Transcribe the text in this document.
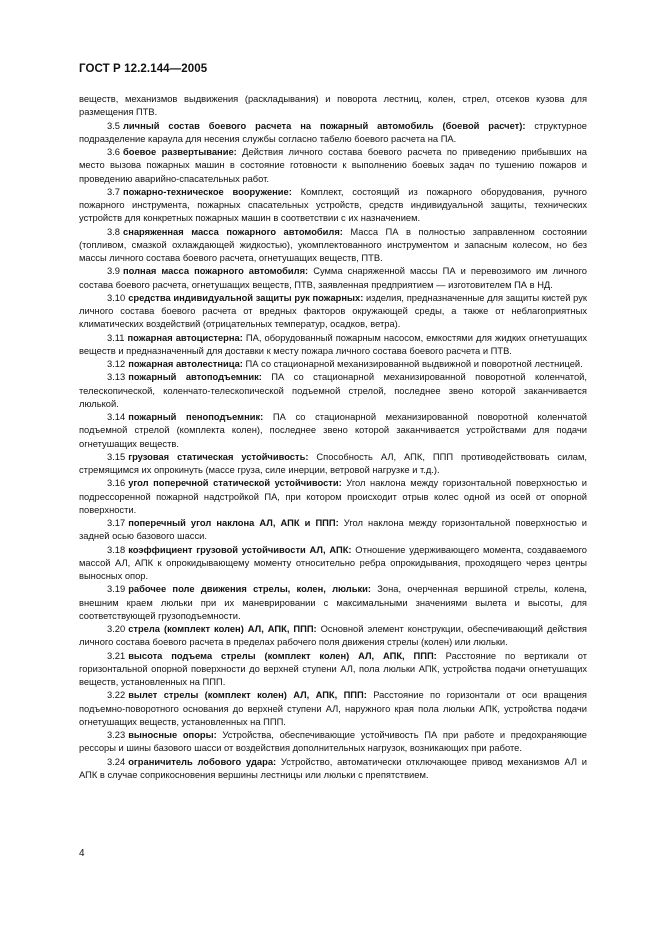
ГОСТ Р 12.2.144—2005

веществ, механизмов выдвижения (раскладывания) и поворота лестниц, колен, стрел, отсеков кузова для размещения ПТВ.

3.5 личный состав боевого расчета на пожарный автомобиль (боевой расчет): структурное подразделение караула для несения службы согласно табелю боевого расчета на ПА.

3.6 боевое развертывание: Действия личного состава боевого расчета по приведению прибывших на место вызова пожарных машин в состояние готовности к выполнению боевых задач по тушению пожаров и проведению аварийно-спасательных работ.

3.7 пожарно-техническое вооружение: Комплект, состоящий из пожарного оборудования, ручного пожарного инструмента, пожарных спасательных устройств, средств индивидуальной защиты, технических устройств для конкретных пожарных машин в соответствии с их назначением.

3.8 снаряженная масса пожарного автомобиля: Масса ПА в полностью заправленном состоянии (топливом, смазкой охлаждающей жидкостью), укомплектованного инструментом и запасным колесом, но без массы личного состава боевого расчета, огнетушащих веществ, ПТВ.

3.9 полная масса пожарного автомобиля: Сумма снаряженной массы ПА и перевозимого им личного состава боевого расчета, огнетушащих веществ, ПТВ, заявленная предприятием — изготовителем ПА в НД.

3.10 средства индивидуальной защиты рук пожарных: изделия, предназначенные для защиты кистей рук личного состава боевого расчета от вредных факторов окружающей среды, а также от неблагоприятных климатических воздействий (отрицательных температур, осадков, ветра).

3.11 пожарная автоцистерна: ПА, оборудованный пожарным насосом, емкостями для жидких огнетушащих веществ и предназначенный для доставки к месту пожара личного состава боевого расчета и ПТВ.

3.12 пожарная автолестница: ПА со стационарной механизированной выдвижной и поворотной лестницей.

3.13 пожарный автоподъемник: ПА со стационарной механизированной поворотной коленчатой, телескопической, коленчато-телескопической подъемной стрелой, последнее звено которой заканчивается люлькой.

3.14 пожарный пеноподъемник: ПА со стационарной механизированной поворотной коленчатой подъемной стрелой (комплекта колен), последнее звено которой заканчивается устройствами для подачи огнетушащих веществ.

3.15 грузовая статическая устойчивость: Способность АЛ, АПК, ППП противодействовать силам, стремящимся их опрокинуть (массе груза, силе инерции, ветровой нагрузке и т.д.).

3.16 угол поперечной статической устойчивости: Угол наклона между горизонтальной поверхностью и подрессоренной пожарной надстройкой ПА, при котором происходит отрыв колес одной из осей от опорной поверхности.

3.17 поперечный угол наклона АЛ, АПК и ППП: Угол наклона между горизонтальной поверхностью и задней осью базового шасси.

3.18 коэффициент грузовой устойчивости АЛ, АПК: Отношение удерживающего момента, создаваемого массой АЛ, АПК к опрокидывающему моменту относительно ребра опрокидывания, проходящего через центры выносных опор.

3.19 рабочее поле движения стрелы, колен, люльки: Зона, очерченная вершиной стрелы, колена, внешним краем люльки при их маневрировании с максимальными значениями вылета и высоты, для соответствующей грузоподъемности.

3.20 стрела (комплект колен) АЛ, АПК, ППП: Основной элемент конструкции, обеспечивающий действия личного состава боевого расчета в пределах рабочего поля движения стрелы (колен) или люльки.

3.21 высота подъема стрелы (комплект колен) АЛ, АПК, ППП: Расстояние по вертикали от горизонтальной опорной поверхности до верхней ступени АЛ, пола люльки АПК, устройства подачи огнетушащих веществ, установленных на ППП.

3.22 вылет стрелы (комплект колен) АЛ, АПК, ППП: Расстояние по горизонтали от оси вращения подъемно-поворотного основания до верхней ступени АЛ, наружного края пола люльки АПК, устройства подачи огнетушащих веществ, установленных на ППП.

3.23 выносные опоры: Устройства, обеспечивающие устойчивость ПА при работе и предохраняющие рессоры и шины базового шасси от воздействия дополнительных нагрузок, возникающих при работе.

3.24 ограничитель лобового удара: Устройство, автоматически отключающее привод механизмов АЛ и АПК в случае соприкосновения вершины лестницы или люльки с препятствием.

4
